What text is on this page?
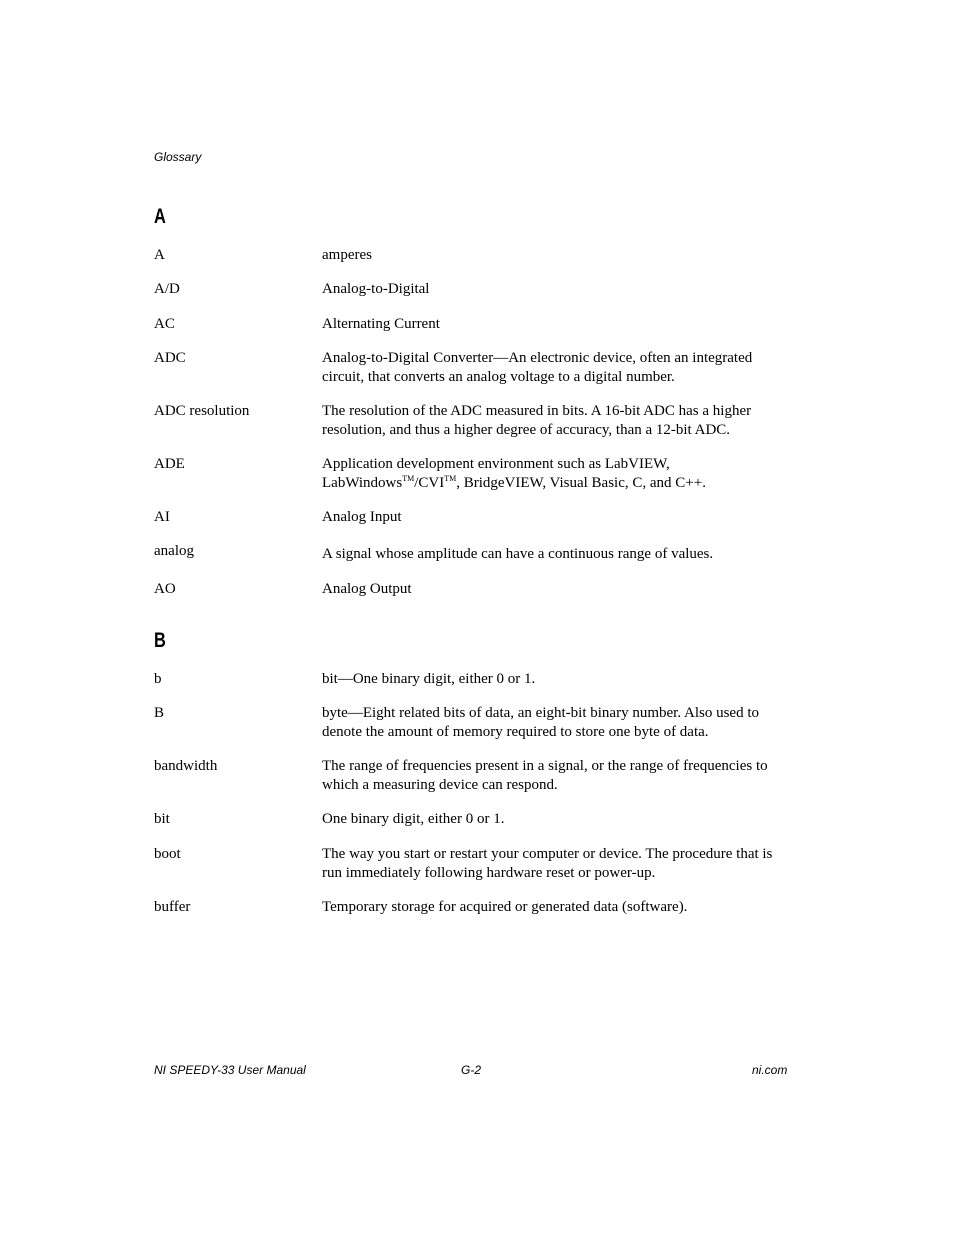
Glossary
A
A	amperes
A/D	Analog-to-Digital
AC	Alternating Current
ADC	Analog-to-Digital Converter—An electronic device, often an integrated circuit, that converts an analog voltage to a digital number.
ADC resolution	The resolution of the ADC measured in bits. A 16-bit ADC has a higher resolution, and thus a higher degree of accuracy, than a 12-bit ADC.
ADE	Application development environment such as LabVIEW, LabWindows™/CVI™, BridgeVIEW, Visual Basic, C, and C++.
AI	Analog Input
analog	A signal whose amplitude can have a continuous range of values.
AO	Analog Output
B
b	bit—One binary digit, either 0 or 1.
B	byte—Eight related bits of data, an eight-bit binary number. Also used to denote the amount of memory required to store one byte of data.
bandwidth	The range of frequencies present in a signal, or the range of frequencies to which a measuring device can respond.
bit	One binary digit, either 0 or 1.
boot	The way you start or restart your computer or device. The procedure that is run immediately following hardware reset or power-up.
buffer	Temporary storage for acquired or generated data (software).
NI SPEEDY-33 User Manual	G-2	ni.com
